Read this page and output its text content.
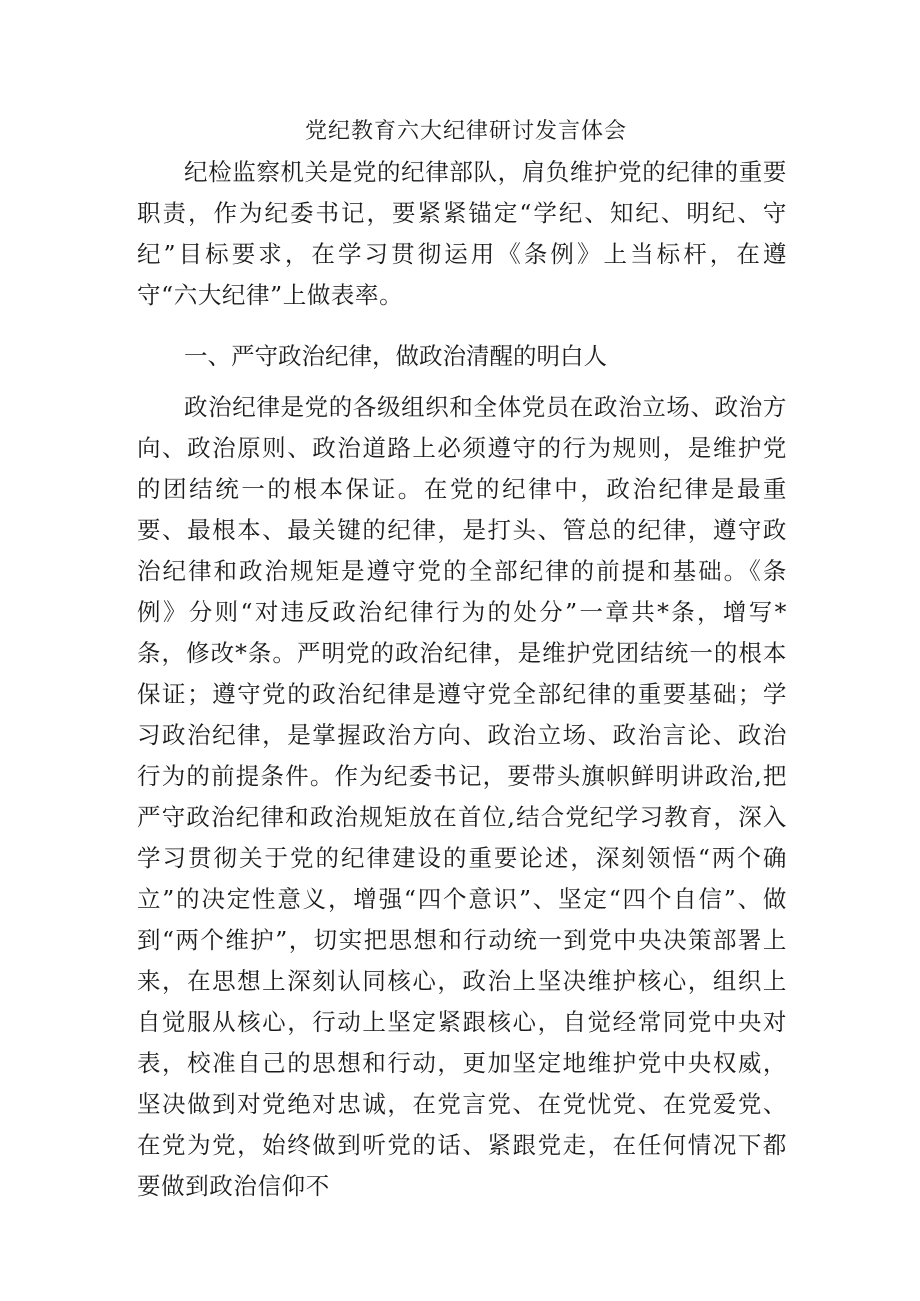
党纪教育六大纪律研讨发言体会

纪检监察机关是党的纪律部队，肩负维护党的纪律的重要职责，作为纪委书记，要紧紧锚定“学纪、知纪、明纪、守纪”目标要求，在学习贯彻运用《条例》上当标杆，在遵守“六大纪律”上做表率。

一、严守政治纪律，做政治清醒的明白人

政治纪律是党的各级组织和全体党员在政治立场、政治方向、政治原则、政治道路上必须遵守的行为规则，是维护党的团结统一的根本保证。在党的纪律中，政治纪律是最重要、最根本、最关键的纪律，是打头、管总的纪律，遵守政治纪律和政治规矩是遵守党的全部纪律的前提和基础。《条例》分则“对违反政治纪律行为的处分”一章共*条，增写*条，修改*条。严明党的政治纪律，是维护党团结统一的根本保证；遵守党的政治纪律是遵守党全部纪律的重要基础；学习政治纪律，是掌握政治方向、政治立场、政治言论、政治行为的前提条件。作为纪委书记，要带头旗帜鲜明讲政治,把严守政治纪律和政治规矩放在首位,结合党纪学习教育，深入学习贯彻关于党的纪律建设的重要论述，深刻领悟“两个确立”的决定性意义，增强“四个意识”、坚定“四个自信”、做到“两个维护”，切实把思想和行动统一到党中央决策部署上来，在思想上深刻认同核心，政治上坚决维护核心，组织上自觉服从核心，行动上坚定紧跟核心，自觉经常同党中央对表，校准自己的思想和行动，更加坚定地维护党中央权威，坚决做到对党绝对忠诚，在党言党、在党忧党、在党爱党、在党为党，始终做到听党的话、紧跟党走，在任何情况下都要做到政治信仰不
